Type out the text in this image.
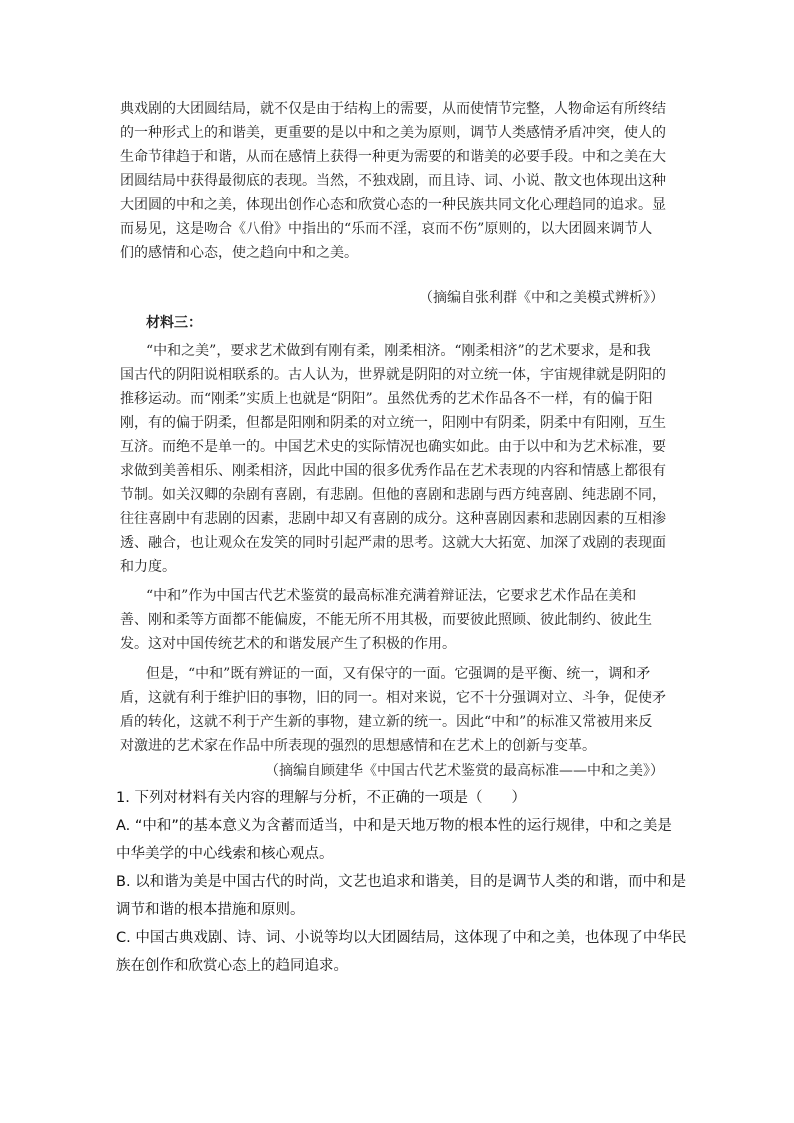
典戏剧的大团圆结局，就不仅是由于结构上的需要，从而使情节完整，人物命运有所终结
的一种形式上的和谐美，更重要的是以中和之美为原则，调节人类感情矛盾冲突，使人的
生命节律趋于和谐，从而在感情上获得一种更为需要的和谐美的必要手段。中和之美在大
团圆结局中获得最彻底的表现。当然，不独戏剧，而且诗、词、小说、散文也体现出这种
大团圆的中和之美，体现出创作心态和欣赏心态的一种民族共同文化心理趋同的追求。显
而易见，这是吻合《八佾》中指出的“乐而不淫，哀而不伤”原则的，以大团圆来调节人
们的感情和心态，使之趋向中和之美。
（摘编自张利群《中和之美模式辨析》）
材料三：
“中和之美”，要求艺术做到有刚有柔，刚柔相济。“刚柔相济”的艺术要求，是和我
国古代的阴阳说相联系的。古人认为，世界就是阴阳的对立统一体，宇宙规律就是阴阳的
推移运动。而“刚柔”实质上也就是“阴阳”。虽然优秀的艺术作品各不一样，有的偏于阳
刚，有的偏于阴柔，但都是阳刚和阴柔的对立统一，阳刚中有阴柔，阴柔中有阳刚，互生
互济。而绝不是单一的。中国艺术史的实际情况也确实如此。由于以中和为艺术标准，要
求做到美善相乐、刚柔相济，因此中国的很多优秀作品在艺术表现的内容和情感上都很有
节制。如关汉卿的杂剧有喜剧，有悲剧。但他的喜剧和悲剧与西方纯喜剧、纯悲剧不同，
往往喜剧中有悲剧的因素，悲剧中却又有喜剧的成分。这种喜剧因素和悲剧因素的互相渗
透、融合，也让观众在发笑的同时引起严肃的思考。这就大大拓宽、加深了戏剧的表现面
和力度。
“中和”作为中国古代艺术鉴赏的最高标准充满着辩证法，它要求艺术作品在美和
善、刚和柔等方面都不能偏废，不能无所不用其极，而要彼此照顾、彼此制约、彼此生
发。这对中国传统艺术的和谐发展产生了积极的作用。
但是，“中和”既有辨证的一面，又有保守的一面。它强调的是平衡、统一，调和矛
盾，这就有利于维护旧的事物，旧的同一。相对来说，它不十分强调对立、斗争，促使矛
盾的转化，这就不利于产生新的事物，建立新的统一。因此“中和”的标准又常被用来反
对激进的艺术家在作品中所表现的强烈的思想感情和在艺术上的创新与变革。
（摘编自顾建华《中国古代艺术鉴赏的最高标准——中和之美》）
1. 下列对材料有关内容的理解与分析，不正确的一项是（　　）
A. “中和”的基本意义为含蓄而适当，中和是天地万物的根本性的运行规律，中和之美是
中华美学的中心线索和核心观点。
B. 以和谐为美是中国古代的时尚，文艺也追求和谐美，目的是调节人类的和谐，而中和是
调节和谐的根本措施和原则。
C. 中国古典戏剧、诗、词、小说等均以大团圆结局，这体现了中和之美，也体现了中华民
族在创作和欣赏心态上的趋同追求。
